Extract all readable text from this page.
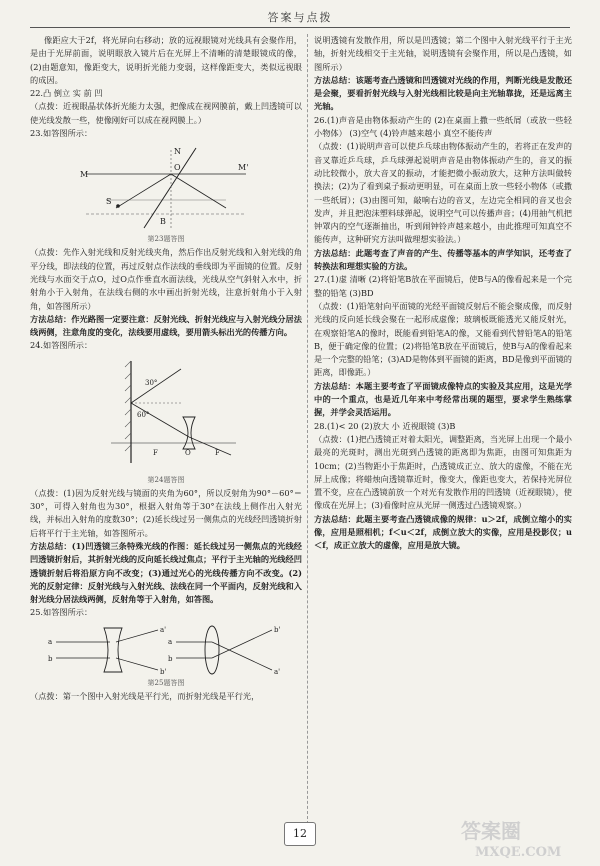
答案与点拨

像距应大于2f，将光屏向右移动；放的远视眼镜对光线具有会聚作用，是由于光屏前面，说明眼放入镜片后在光屏上不清晰的清楚眼镜成的像，(2)由题意知，像距变大，说明折光能力变弱，这样像距变大，类似远视眼的成因。

22.凸 倒立 实 前 凹

（点拨：近视眼晶状体折光能力太强，把像成在视网膜前，戴上凹透镜可以使光线发散一些，使像刚好可以成在视网膜上。）

23.如答图所示：

M
M'
O
S
N
B
第23题答图

（点拨：先作入射光线和反射光线夹角，然后作出反射光线和入射光线的角平分线，即法线的位置，再过反射点作法线的垂线即为平面镜的位置。反射光线与水面交于点O，过O点作垂直水面法线，光线从空气斜射入水中，折射角小于入射角，在法线右侧的水中画出折射光线，注意折射角小于入射角，如答图所示）

方法总结：作光路图一定要注意：反射光线、折射光线应与入射光线分居法线两侧，注意角度的变化，法线要用虚线，要用箭头标出光的传播方向。

24.如答图所示：

30°
60°
F	O	F
第24题答图

（点拨：(1)因为反射光线与镜面的夹角为60°，所以反射角为90°－60°＝30°，可得入射角也为30°，根据入射角等于30°在法线上侧作出入射光线，并标出入射角的度数30°；(2)延长线过另一侧焦点的光线经凹透镜折射后将平行于主光轴，如答图所示。

方法总结：(1)凹透镜三条特殊光线的作图：延长线过另一侧焦点的光线经凹透镜折射后，其折射光线的反向延长线过焦点；平行于主光轴的光线经凹透镜折射后将沿原方向不改变；(3)通过光心的光线传播方向不改变。(2)光的反射定律：反射光线与入射光线、法线在同一个平面内，反射光线和入射光线分居法线两侧，反射角等于入射角，如答图。

25.如答图所示：

a
b
a'
b'
a
b
b'
a'
第25题答图

（点拨：第一个图中入射光线是平行光，而折射光线是平行光，

说明透镜有发散作用，所以是凹透镜；第二个图中入射光线平行于主光轴，折射光线相交于主光轴，说明透镜有会聚作用，所以是凸透镜，如图所示）

方法总结：该题考查凸透镜和凹透镜对光线的作用，判断光线是发散还是会聚，要看折射光线与入射光线相比较是向主光轴靠拢，还是远离主光轴。

26.(1)声音是由物体振动产生的 (2)在桌面上撒一些纸屑（或放一些轻小物体） (3)空气 (4)铃声越来越小 真空不能传声

（点拨：(1)说明声音可以使乒乓球由物体振动产生的，若将正在发声的音叉靠近乒乓球，乒乓球弹起说明声音是由物体振动产生的，音叉的振动比较微小，放大音叉的振动，才能把微小振动放大，这种方法叫做转换法；(2)为了看到桌子振动更明显，可在桌面上放一些轻小物体（或撒一些纸屑）；(3)由图可知，敲响右边的音叉，左边完全相同的音叉也会发声，并且把泡沫塑料球弹起，说明空气可以传播声音；(4)用抽气机把钟罩内的空气逐渐抽出，听到闹钟铃声越来越小，由此推理可知真空不能传声，这种研究方法叫做理想实验法。）

方法总结：此题考查了声音的产生、传播等基本的声学知识，还考查了转换法和理想实验的方法。

27.(1)虚 清晰 (2)将铅笔B放在平面镜后，使B与A的像看起来是一个完整的铅笔 (3)BD

（点拨：(1)铅笔射向平面镜的光经平面镜反射后不能会聚成像，而反射光线的反向延长线会聚在一起形成虚像；玻璃板既能透光又能反射光，在观察铅笔A的像时，既能看到铅笔A的像，又能看到代替铅笔A的铅笔B，便于确定像的位置；(2)将铅笔B放在平面镜后，使B与A的像看起来是一个完整的铅笔；(3)AD是物体到平面镜的距离，BD是像到平面镜的距离，即像距。）

方法总结：本题主要考查了平面镜成像特点的实验及其应用，这是光学中的一个重点，也是近几年来中考经常出现的题型，要求学生熟练掌握，并学会灵活运用。

28.(1)< 20 (2)放大 小 近视眼镜 (3)B

（点拨：(1)把凸透镜正对着太阳光，调整距离，当光屏上出现一个最小最亮的光斑时，测出光斑到凸透镜的距离即为焦距，由图可知焦距为10cm；(2)当物距小于焦距时，凸透镜成正立、放大的虚像，不能在光屏上成像；将蜡烛向透镜靠近时，像变大，像距也变大，若保持光屏位置不变，应在凸透镜前放一个对光有发散作用的凹透镜（近视眼镜），使像成在光屏上；(3)看像时应从光屏一侧透过凸透镜观察。）

方法总结：此题主要考查凸透镜成像的规律：u＞2f，成倒立缩小的实像，应用是照相机；f＜u＜2f，成倒立放大的实像，应用是投影仪；u＜f，成正立放大的虚像，应用是放大镜。

12	答案圈
MXQE.COM
